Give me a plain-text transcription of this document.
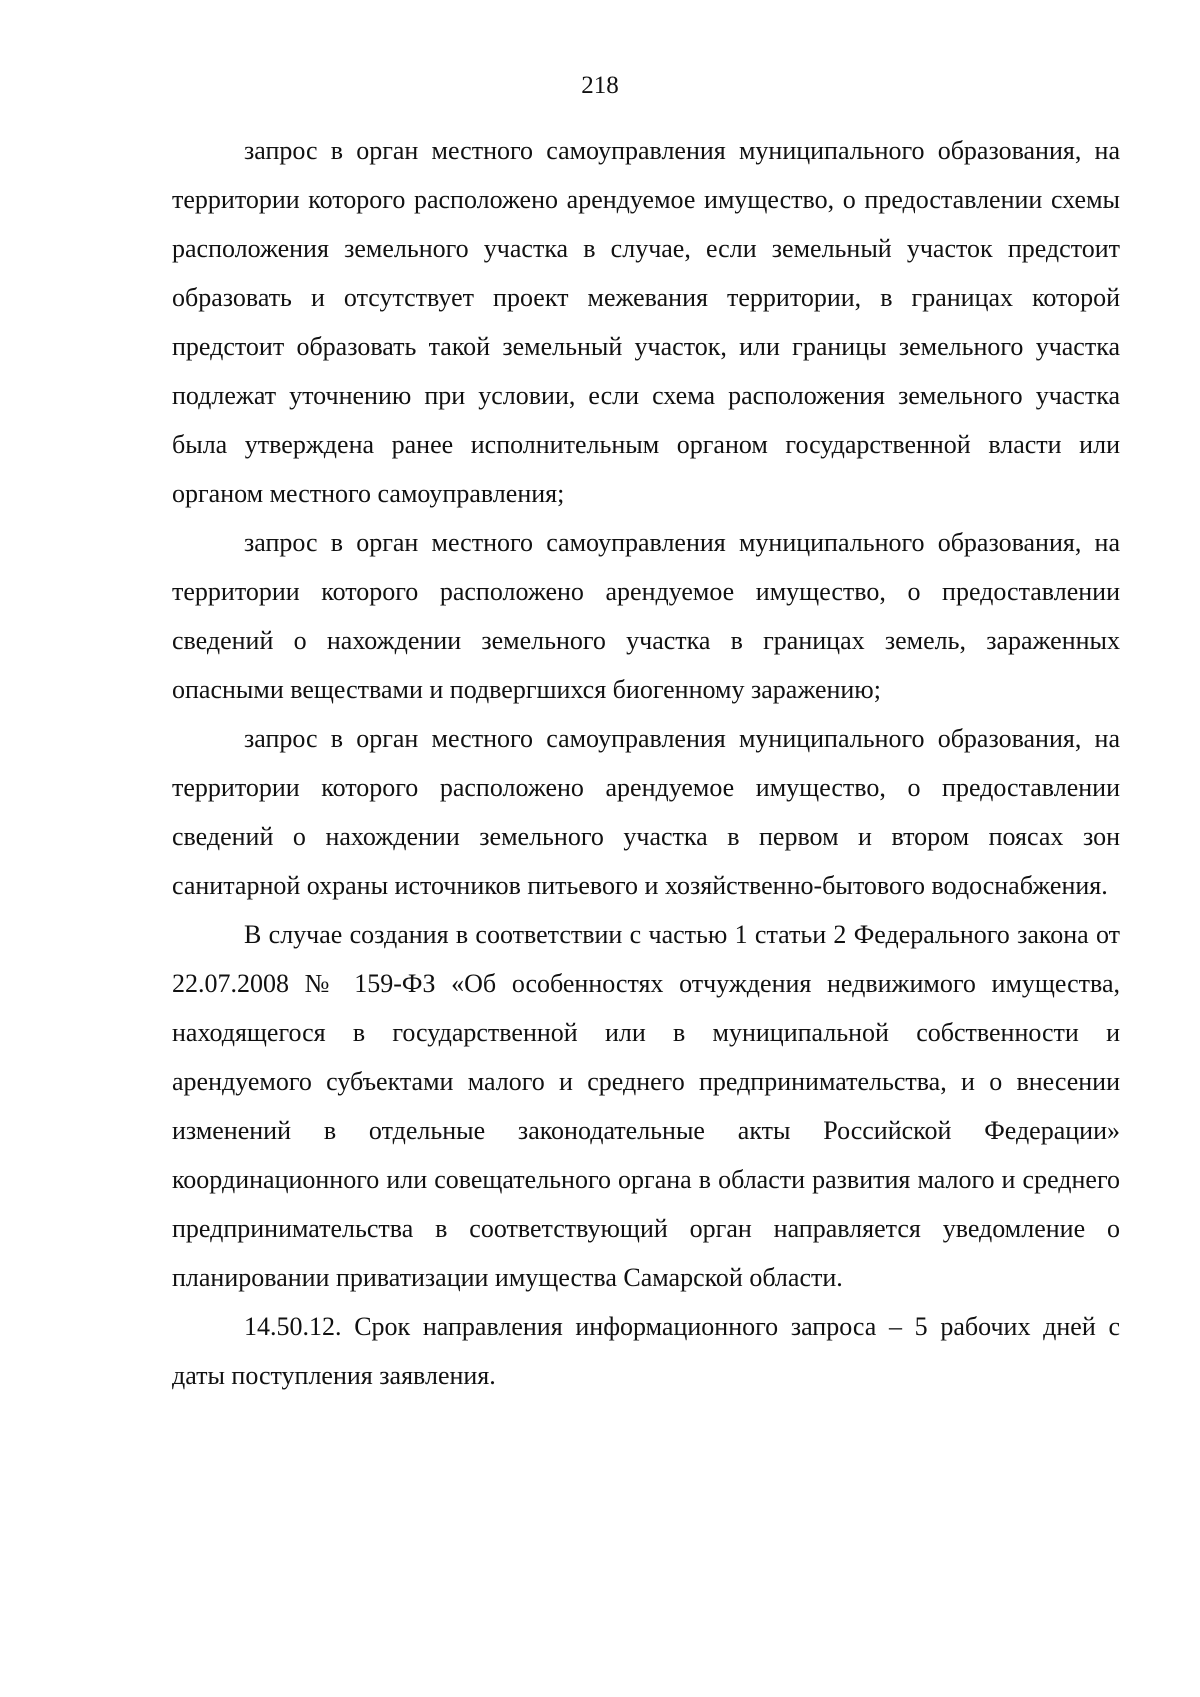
218

запрос в орган местного самоуправления муниципального образования, на территории которого расположено арендуемое имущество, о предоставлении схемы расположения земельного участка в случае, если земельный участок предстоит образовать и отсутствует проект межевания территории, в границах которой предстоит образовать такой земельный участок, или границы земельного участка подлежат уточнению при условии, если схема расположения земельного участка была утверждена ранее исполнительным органом государственной власти или органом местного самоуправления;

запрос в орган местного самоуправления муниципального образования, на территории которого расположено арендуемое имущество, о предоставлении сведений о нахождении земельного участка в границах земель, зараженных опасными веществами и подвергшихся биогенному заражению;

запрос в орган местного самоуправления муниципального образования, на территории которого расположено арендуемое имущество, о предоставлении сведений о нахождении земельного участка в первом и втором поясах зон санитарной охраны источников питьевого и хозяйственно-бытового водоснабжения.

В случае создания в соответствии с частью 1 статьи 2 Федерального закона от 22.07.2008 № 159-ФЗ «Об особенностях отчуждения недвижимого имущества, находящегося в государственной или в муниципальной собственности и арендуемого субъектами малого и среднего предпринимательства, и о внесении изменений в отдельные законодательные акты Российской Федерации» координационного или совещательного органа в области развития малого и среднего предпринимательства в соответствующий орган направляется уведомление о планировании приватизации имущества Самарской области.

14.50.12. Срок направления информационного запроса – 5 рабочих дней с даты поступления заявления.
